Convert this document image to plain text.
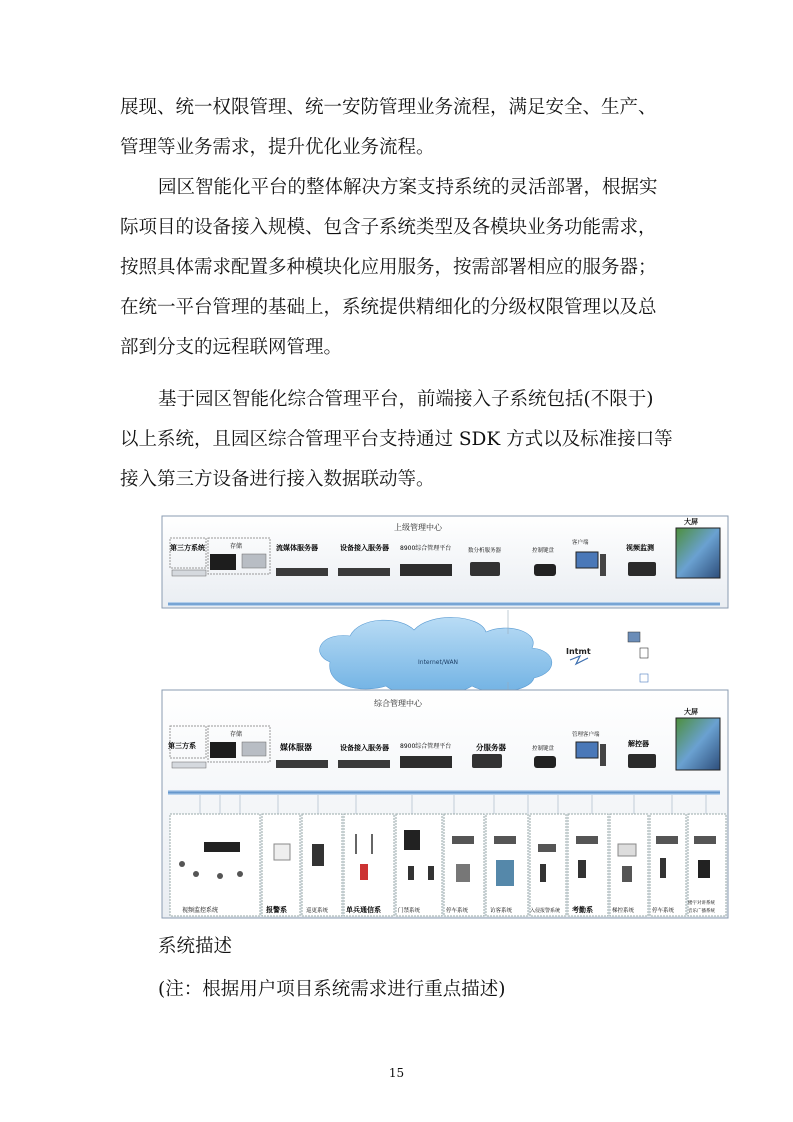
展现、统一权限管理、统一安防管理业务流程，满足安全、生产、

管理等业务需求，提升优化业务流程。

园区智能化平台的整体解决方案支持系统的灵活部署，根据实

际项目的设备接入规模、包含子系统类型及各模块业务功能需求，

按照具体需求配置多种模块化应用服务，按需部署相应的服务器；

在统一平台管理的基础上，系统提供精细化的分级权限管理以及总

部到分支的远程联网管理。

基于园区智能化综合管理平台，前端接入子系统包括(不限于)

以上系统，且园区综合管理平台支持通过 SDK 方式以及标准接口等

接入第三方设备进行接入数据联动等。

上级管理中心
第三方系统	存储	流媒体服务器	设备接入服务器 8900综合管理平台	数分析服务器	控制键盘
客户端
视频监测
大屏
Internet/WAN
Intmt
综合管理中心
第三方系
存储
媒体服器	设备接入服务器 8900综合管理平台	分服务器	控制键盘
管理客户端
解控器
大屏
视频监控系统	报警系	巡更系统	单兵通信系	门禁系统	停车系统	访客系统	入侵报警系统 考勤系	梯控系统	停车系统
楼宇对讲系统
音乐广播系统

系统描述

(注：根据用户项目系统需求进行重点描述)

15
